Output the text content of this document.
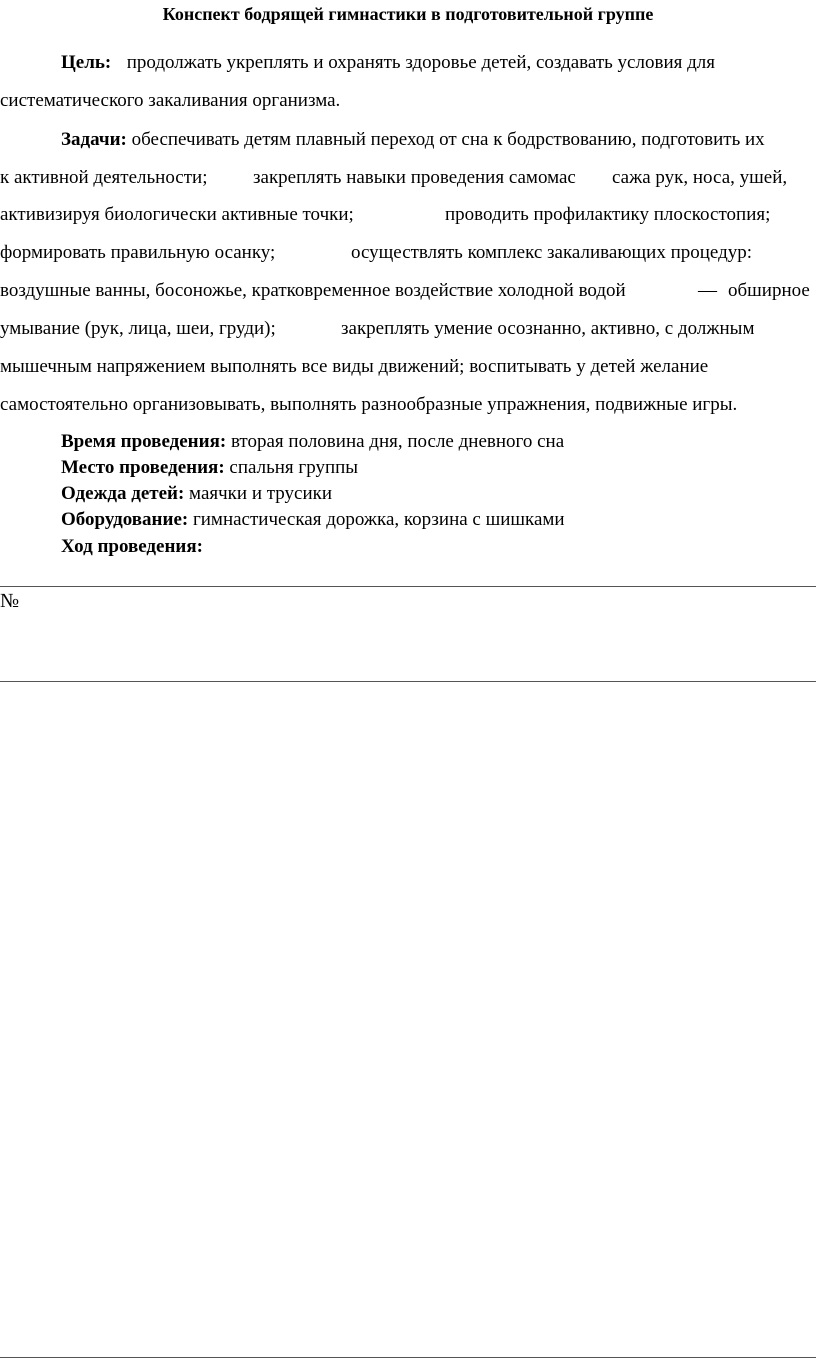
Конспект бодрящей гимнастики в подготовительной группе
Цель: продолжать укреплять и охранять здоровье детей, создавать условия для
систематического закаливания организма.
Задачи: обеспечивать детям плавный переход от сна к бодрствованию, подготовить их
к активной деятельности; закреплять навыки проведения самомас сажа рук, носа, ушей,
активизируя биологически активные точки;	проводить профилактику плоскостопия;
формировать правильную осанку;	осуществлять комплекс закаливающих процедур:
воздушные ванны, босоножье, кратковременное воздействие холодной водой	— обширное
умывание (рук, лица, шеи, груди);	закреплять умение осознанно, активно, с должным
мышечным напряжением выполнять все виды движений; воспитывать у детей желание
самостоятельно организовывать, выполнять разнообразные упражнения, подвижные игры.
Время проведения: вторая половина дня, после дневного сна
Место проведения: спальня группы
Одежда детей: маячки и трусики
Оборудование: гимнастическая дорожка, корзина с шишками
Ход проведения:
№
